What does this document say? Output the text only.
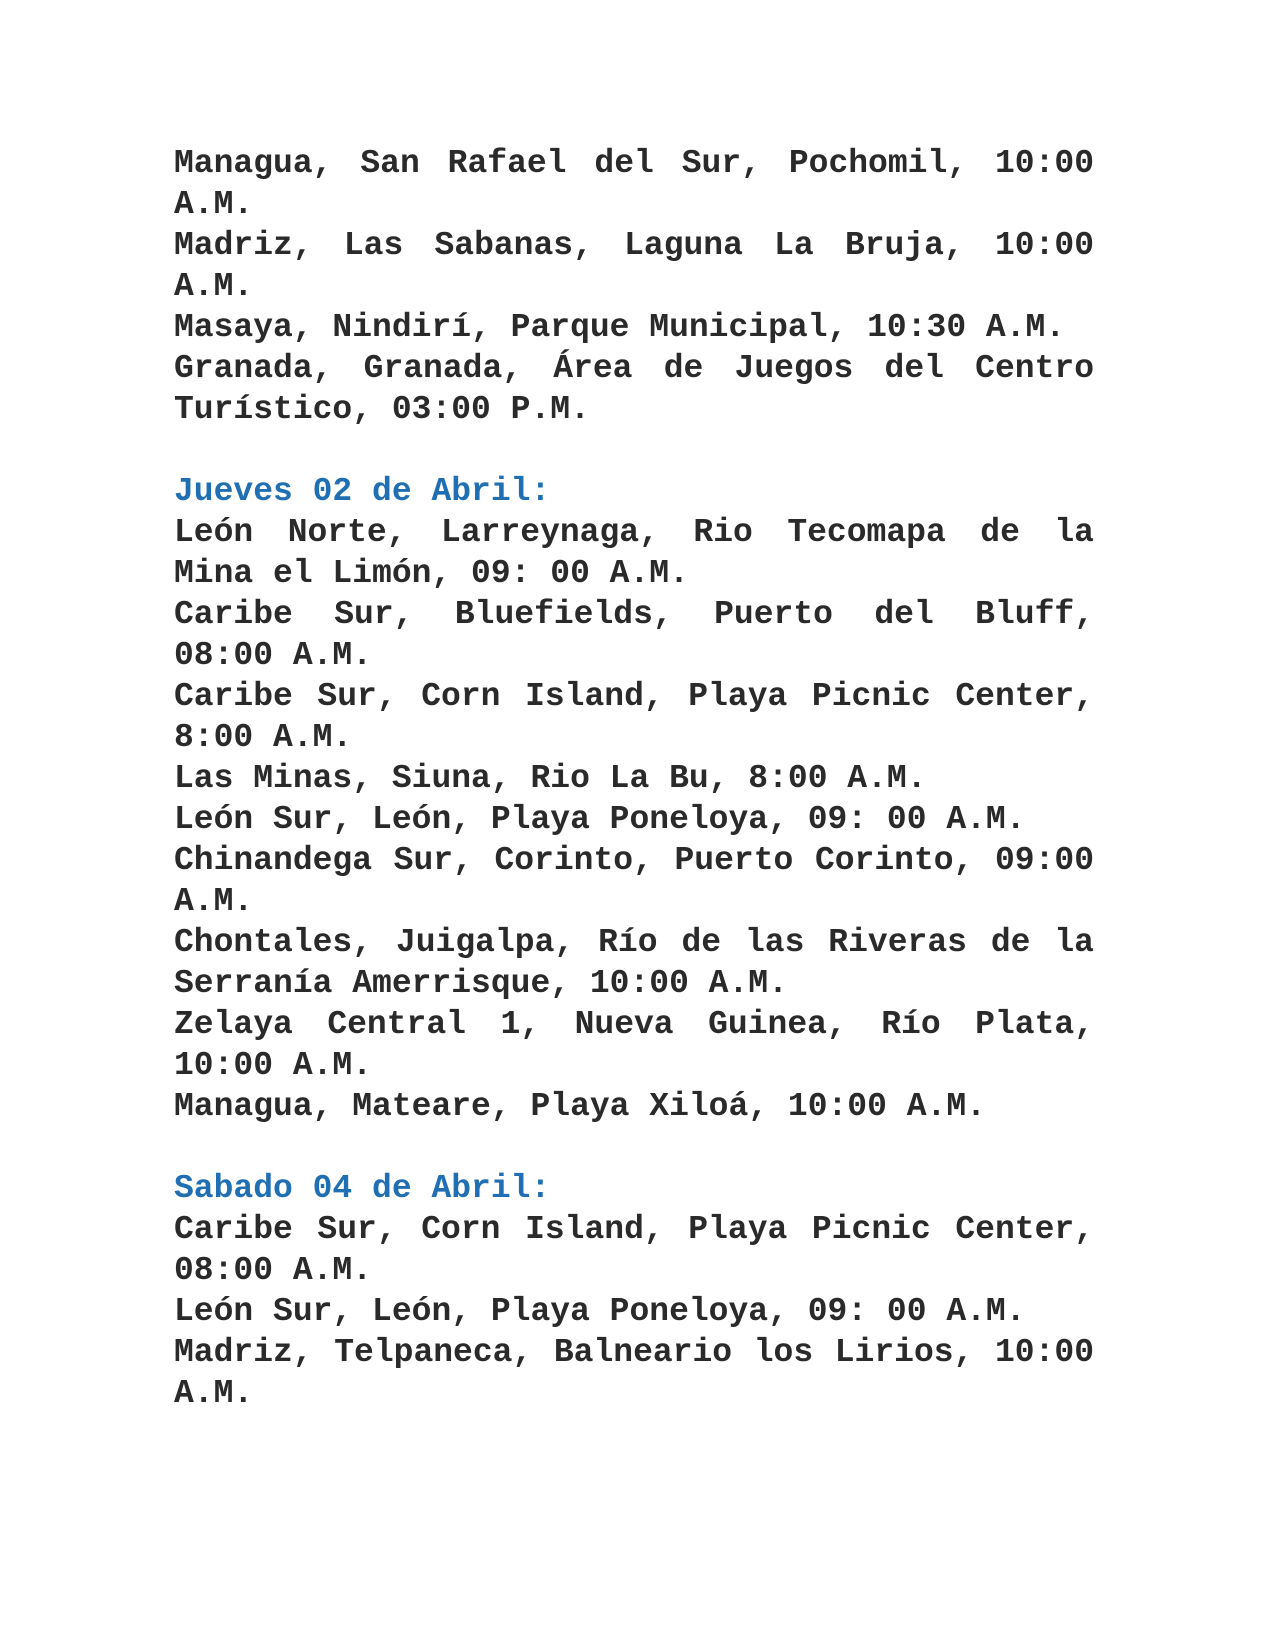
Managua, San Rafael del Sur, Pochomil, 10:00 A.M.

Madriz, Las Sabanas, Laguna La Bruja, 10:00 A.M.

Masaya, Nindirí, Parque Municipal, 10:30 A.M.

Granada, Granada, Área de Juegos del Centro Turístico, 03:00 P.M.

Jueves 02 de Abril:

León Norte, Larreynaga, Rio Tecomapa de la Mina el Limón, 09: 00 A.M.

Caribe Sur, Bluefields, Puerto del Bluff, 08:00 A.M.

Caribe Sur, Corn Island, Playa Picnic Center, 8:00 A.M.

Las Minas, Siuna, Rio La Bu, 8:00 A.M.

León Sur, León, Playa Poneloya, 09: 00 A.M.

Chinandega Sur, Corinto, Puerto Corinto, 09:00 A.M.

Chontales, Juigalpa, Río de las Riveras de la Serranía Amerrisque, 10:00 A.M.

Zelaya Central 1, Nueva Guinea, Río Plata, 10:00 A.M.

Managua, Mateare, Playa Xiloá, 10:00 A.M.

Sabado 04 de Abril:

Caribe Sur, Corn Island, Playa Picnic Center, 08:00 A.M.

León Sur, León, Playa Poneloya, 09: 00 A.M.

Madriz, Telpaneca, Balneario los Lirios, 10:00 A.M.
